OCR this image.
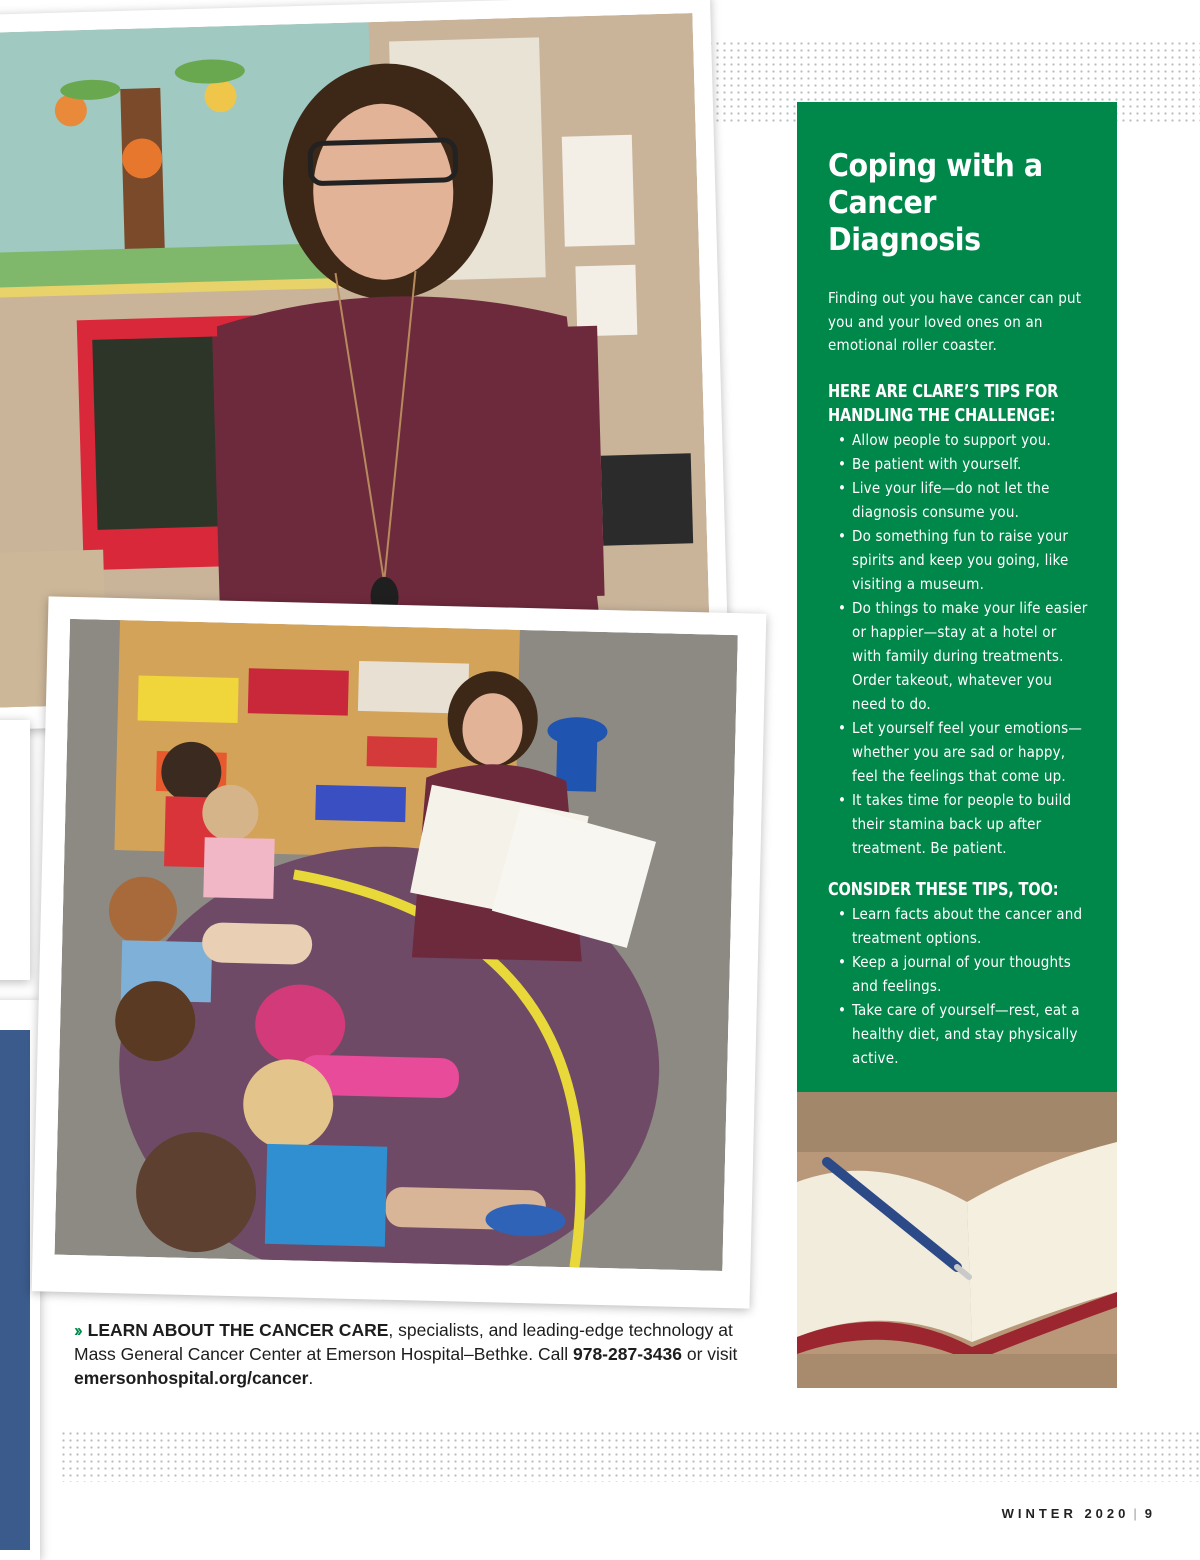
Coping with a
Cancer Diagnosis

Finding out you have cancer can put you and your loved ones on an emotional roller coaster.

HERE ARE CLARE’S TIPS FOR HANDLING THE CHALLENGE:
• Allow people to support you.
• Be patient with yourself.
• Live your life—do not let the diagnosis consume you.
• Do something fun to raise your spirits and keep you going, like visiting a museum.
• Do things to make your life easier or happier—stay at a hotel or with family during treatments. Order takeout, whatever you need to do.
• Let yourself feel your emotions—whether you are sad or happy, feel the feelings that come up.
• It takes time for people to build their stamina back up after treatment. Be patient.
CONSIDER THESE TIPS, TOO:
• Learn facts about the cancer and treatment options.
• Keep a journal of your thoughts and feelings.
• Take care of yourself—rest, eat a healthy diet, and stay physically active.
›› LEARN ABOUT THE CANCER CARE, specialists, and leading-edge technology at Mass General Cancer Center at Emerson Hospital–Bethke. Call 978-287-3436 or visit emersonhospital.org/cancer.
WINTER 2020 | 9
